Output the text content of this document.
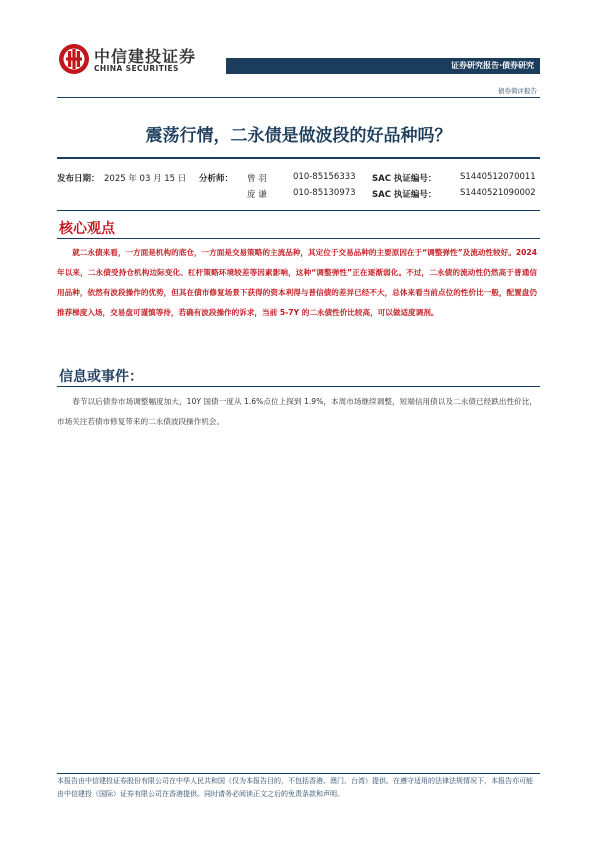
中信建投证券
CHINA SECURITIES	证券研究报告·债券研究
债券简评报告
震荡行情，二永债是做波段的好品种吗？
发布日期： 2025 年 03 月 15 日 分析师： 曾 羽	010-85156333 SAC 执证编号：	S1440512070011
庞 谦	010-85130973 SAC 执证编号：	S1440521090002
核心观点
就二永债来看，一方面是机构的底仓，一方面是交易策略的主流品种，其定位于交易品种的主要原因在于“调整弹性”及流动性较好。2024 年以来，二永债受持仓机构边际变化、杠杆策略环境较差等因素影响，这种“调整弹性”正在逐渐弱化。不过，二永债的流动性仍然高于普通信用品种，依然有波段操作的优势，但其在债市修复场景下获得的资本利得与普信债的差异已经不大，总体来看当前点位的性价比一般，配置盘仍推荐梯度入场，交易盘可谨慎等待，若确有波段操作的诉求，当前 5-7Y 的二永债性价比较高，可以做适度调剂。
信息或事件：
春节以后债券市场调整幅度加大，10Y 国债一度从 1.6%点位上探到 1.9%，本周市场继续调整，短端信用债以及二永债已经跌出性价比，市场关注若债市修复带来的二永债波段操作机会。
本报告由中信建投证券股份有限公司在中华人民共和国（仅为本报告目的，不包括香港、澳门、台湾）提供。在遵守适用的法律法规情况下，本报告亦可能由中信建投（国际）证券有限公司在香港提供。同时请务必阅读正文之后的免责条款和声明。
